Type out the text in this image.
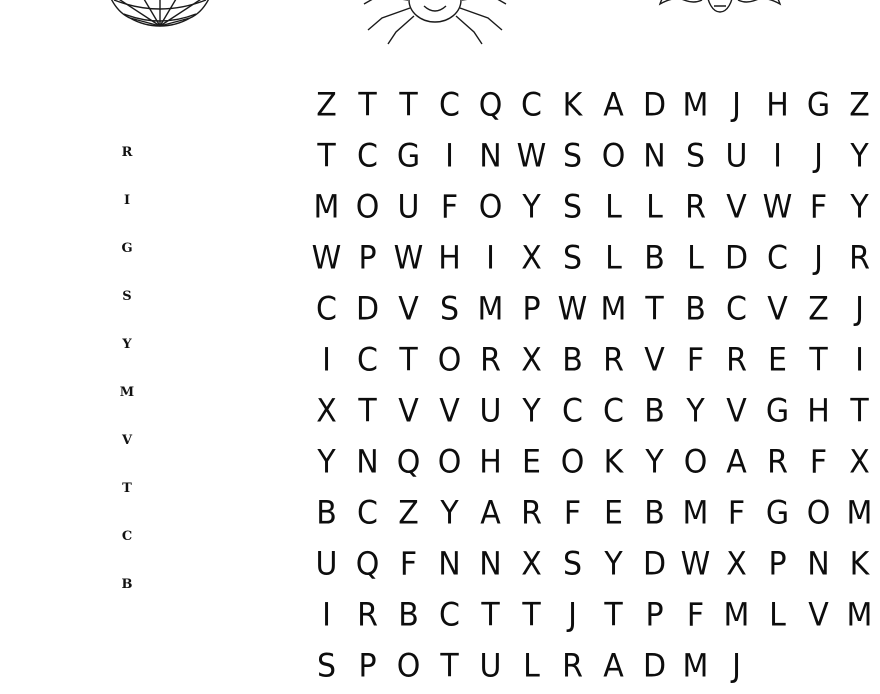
R
I
G
S
Y
M
V
T
C
B
Z T T C Q C K A D M J H G Z
T C G I N W S O N S U I	J Y
M O U F O Y S L L R V W F Y
W P W H I X S L B L D C J R
C D V S M P W M T B C V Z J
I C T O R X B R V F R E T I
X T V V U Y C C B Y V G H T
Y N Q O H E O K Y O A R F X
B C Z Y A R F E B M F G O M
U Q F N N X S Y D W X P N K
I R B C T T J T P F M L V M
S P O T U L R A D M J
